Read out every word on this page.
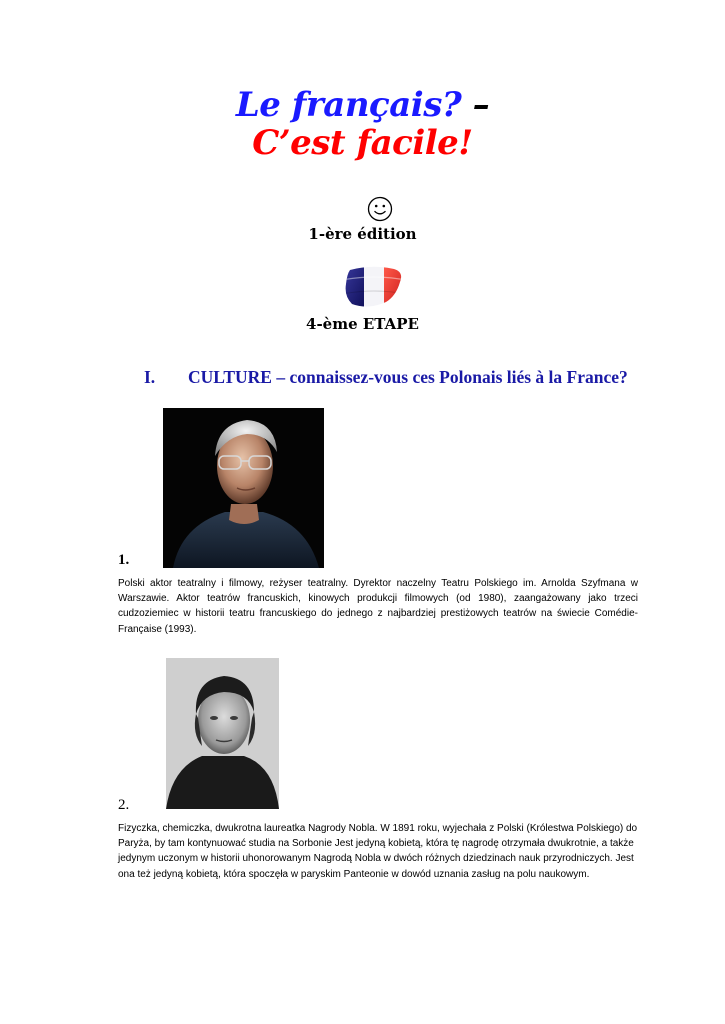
Le français? –
C’est facile!
1-ère édition
4-ème ETAPE
I. CULTURE – connaissez-vous ces Polonais liés à la France?
1.
Polski aktor teatralny i filmowy, reżyser teatralny. Dyrektor naczelny Teatru Polskiego im. Arnolda Szyfmana w Warszawie. Aktor teatrów francuskich, kinowych produkcji filmowych (od 1980), zaangażowany jako trzeci cudzoziemiec w historii teatru francuskiego do jednego z najbardziej prestiżowych teatrów na świecie Comédie-Française (1993).
2.
Fizyczka, chemiczka, dwukrotna laureatka Nagrody Nobla. W 1891 roku, wyjechała z Polski (Królestwa Polskiego) do Paryża, by tam kontynuować studia na Sorbonie Jest jedyną kobietą, która tę nagrodę otrzymała dwukrotnie, a także jedynym uczonym w historii uhonorowanym Nagrodą Nobla w dwóch różnych dziedzinach nauk przyrodniczych. Jest ona też jedyną kobietą, która spoczęła w paryskim Panteonie w dowód uznania zasług na polu naukowym.
